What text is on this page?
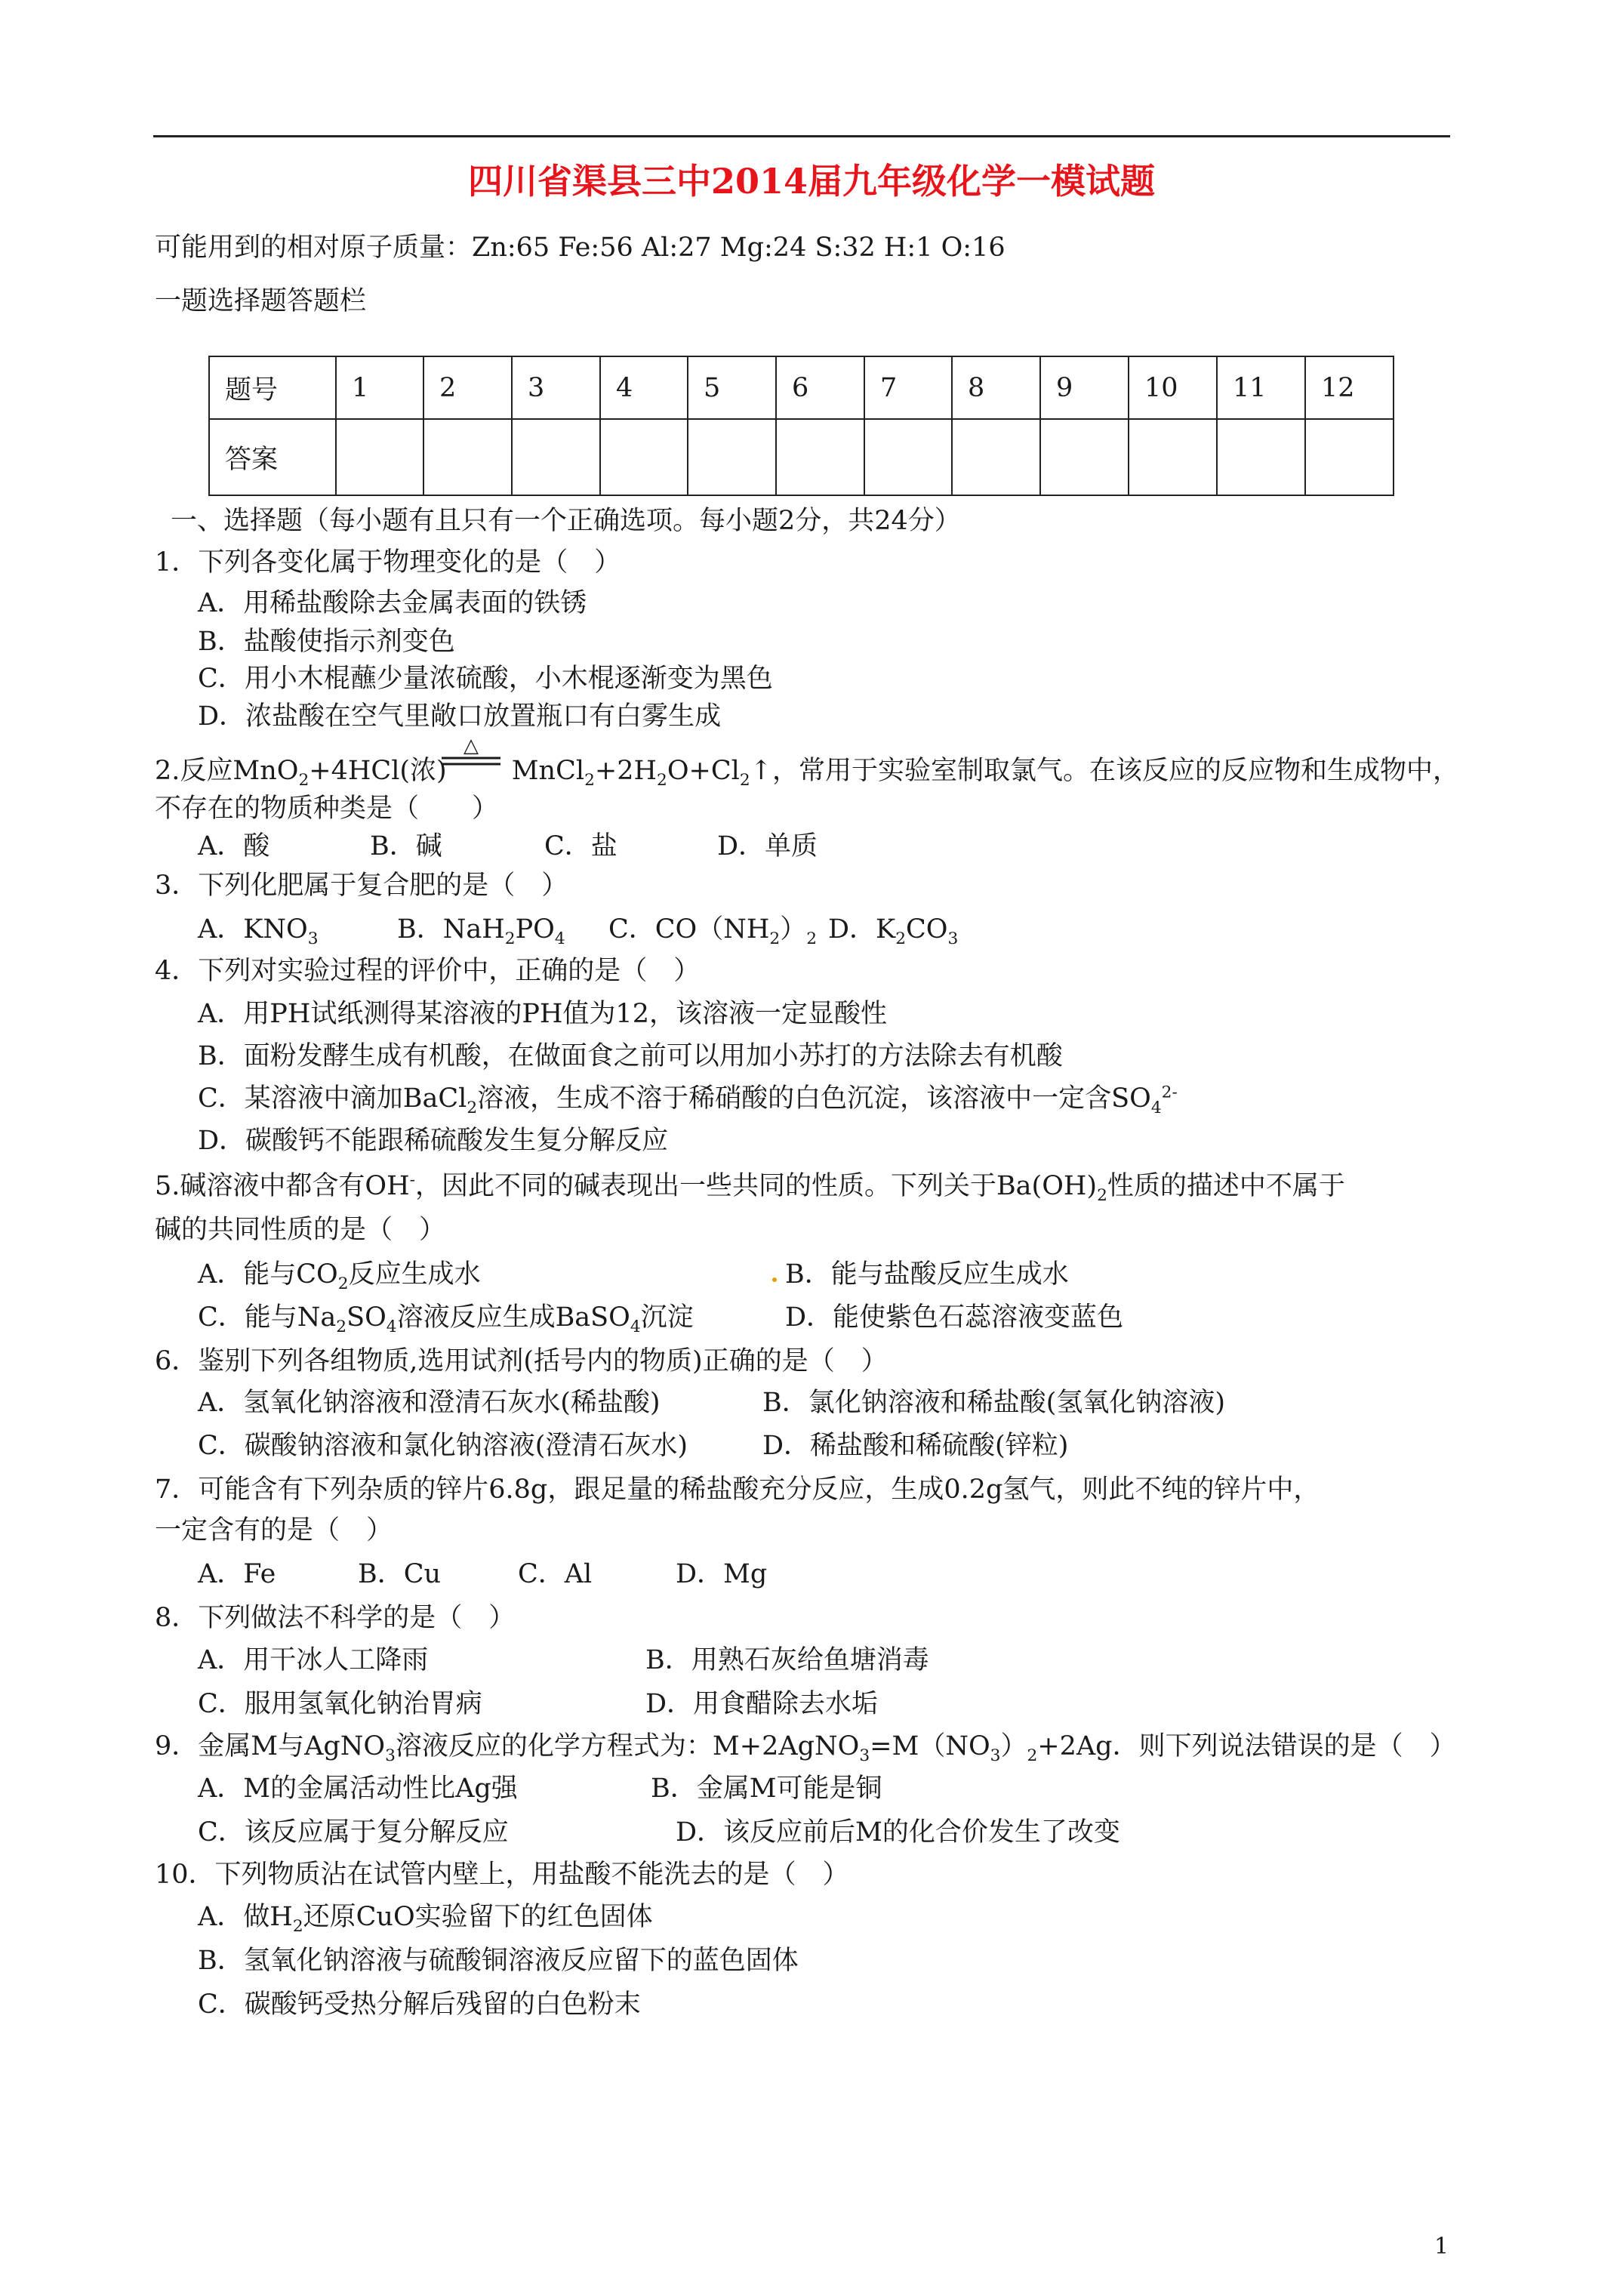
四川省渠县三中2014届九年级化学一模试题
可能用到的相对原子质量：Zn:65 Fe:56 Al:27 Mg:24 S:32 H:1 O:16
一题选择题答题栏
题号	1	2	3	4	5	6	7	8	9	10	11	12
答案												
一、选择题（每小题有且只有一个正确选项。每小题2分，共24分）
1．下列各变化属于物理变化的是（　）
A．用稀盐酸除去金属表面的铁锈
B．盐酸使指示剂变色
C．用小木棍蘸少量浓硫酸，小木棍逐渐变为黑色
D．浓盐酸在空气里敞口放置瓶口有白雾生成
2.反应MnO$_2$+4HCl(浓) $MnCl_2+2H_2O+Cl_2↑$，常用于实验室制取氯气。在该反应的反应物和生成物中，
△
不存在的物质种类是（　　）
A．酸	B．碱	C．盐	D．单质
3．下列化肥属于复合肥的是（　）
A．$KNO_3$	B．$NaH_2PO_4$ C．$CO(NH_2)_2$ D．$K_2CO_3$
4．下列对实验过程的评价中，正确的是（　）
A．用PH试纸测得某溶液的PH值为12，该溶液一定显酸性
B．面粉发酵生成有机酸，在做面食之前可以用加小苏打的方法除去有机酸
C．某溶液中滴加BaCl$_2$溶液，生成不溶于稀硝酸的白色沉淀，该溶液中一定含$SO_4^{2-}$
D．碳酸钙不能跟稀硫酸发生复分解反应
5.碱溶液中都含有OH-，因此不同的碱表现出一些共同的性质。下列关于$Ba(OH)_2$性质的描述中不属于
碱的共同性质的是（　）
A．能与$CO_2$反应生成水	B．能与盐酸反应生成水
C．能与$Na_2SO_4$溶液反应生成BaSO$_4$沉淀	D．能使紫色石蕊溶液变蓝色
6．鉴别下列各组物质,选用试剂(括号内的物质)正确的是（　）
A．氢氧化钠溶液和澄清石灰水(稀盐酸)	B．氯化钠溶液和稀盐酸(氢氧化钠溶液)
C．碳酸钠溶液和氯化钠溶液(澄清石灰水)	D．稀盐酸和稀硫酸(锌粒)
7．可能含有下列杂质的锌片6.8g，跟足量的稀盐酸充分反应，生成0.2g氢气，则此不纯的锌片中，
一定含有的是（　）
A．Fe	B．Cu	C．Al	D．Mg
8．下列做法不科学的是（　）
A．用干冰人工降雨	B．用熟石灰给鱼塘消毒
C．服用氢氧化钠治胃病	D．用食醋除去水垢
9．金属M与AgNO$_3$溶液反应的化学方程式为：$M+2AgNO_3=M(NO_3)_2+2Ag$．则下列说法错误的是（　）
A．M的金属活动性比Ag强	B．金属M可能是铜
C．该反应属于复分解反应	D．该反应前后M的化合价发生了改变
10．下列物质沾在试管内壁上，用盐酸不能洗去的是（　）
A．做$H_2$还原CuO实验留下的红色固体
B．氢氧化钠溶液与硫酸铜溶液反应留下的蓝色固体
C．碳酸钙受热分解后残留的白色粉末
1
